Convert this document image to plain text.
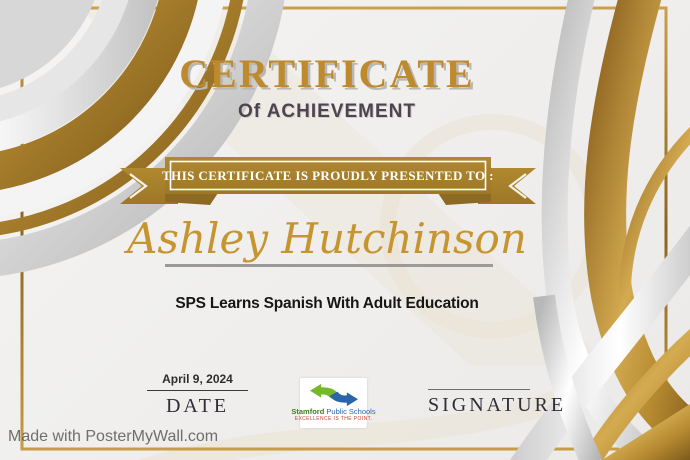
CERTIFICATE
Of ACHIEVEMENT
THIS CERTIFICATE IS PROUDLY PRESENTED TO :
Ashley Hutchinson
SPS Learns Spanish With Adult Education
April 9, 2024
DATE	Stamford Public Schools
EXCELLENCE IS THE POINT.
SIGNATURE
Made with PosterMyWall.com
